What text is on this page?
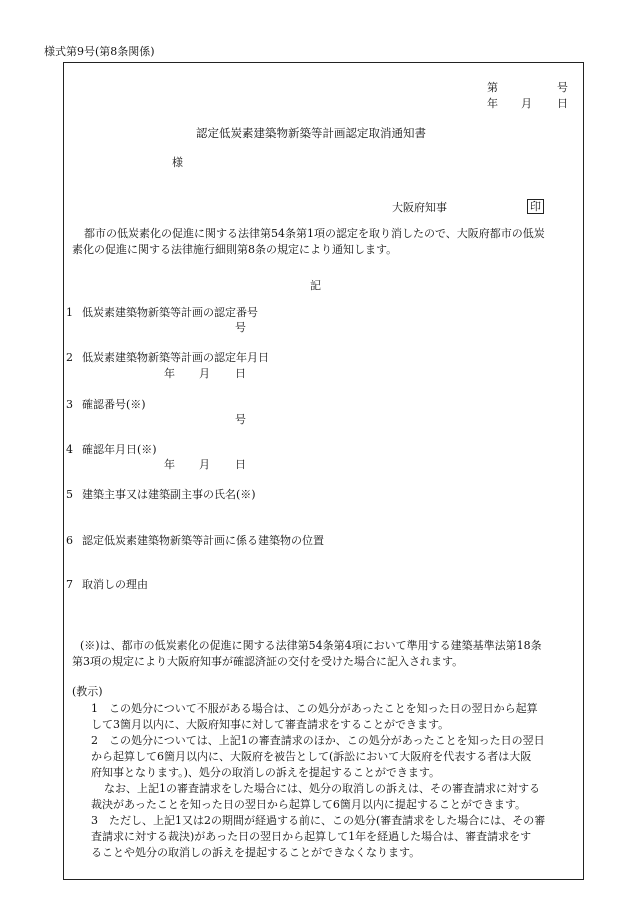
様式第9号(第8条関係)
第	号
年 月 日
認定低炭素建築物新築等計画認定取消通知書
様
大阪府知事	印
都市の低炭素化の促進に関する法律第54条第1項の認定を取り消したので、大阪府都市の低炭
素化の促進に関する法律施行細則第8条の規定により通知します。
記
1 低炭素建築物新築等計画の認定番号
号
2 低炭素建築物新築等計画の認定年月日
年 月 日
3 確認番号(※)
号
4 確認年月日(※)
年 月 日
5 建築主事又は建築副主事の氏名(※)
6 認定低炭素建築物新築等計画に係る建築物の位置
7 取消しの理由
(※)は、都市の低炭素化の促進に関する法律第54条第4項において準用する建築基準法第18条
第3項の規定により大阪府知事が確認済証の交付を受けた場合に記入されます。
(教示)
1　この処分について不服がある場合は、この処分があったことを知った日の翌日から起算
して3箇月以内に、大阪府知事に対して審査請求をすることができます。
2　この処分については、上記1の審査請求のほか、この処分があったことを知った日の翌日
から起算して6箇月以内に、大阪府を被告として(訴訟において大阪府を代表する者は大阪
府知事となります。)、処分の取消しの訴えを提起することができます。
なお、上記1の審査請求をした場合には、処分の取消しの訴えは、その審査請求に対する
裁決があったことを知った日の翌日から起算して6箇月以内に提起することができます。
3　ただし、上記1又は2の期間が経過する前に、この処分(審査請求をした場合には、その審
査請求に対する裁決)があった日の翌日から起算して1年を経過した場合は、審査請求をす
ることや処分の取消しの訴えを提起することができなくなります。
